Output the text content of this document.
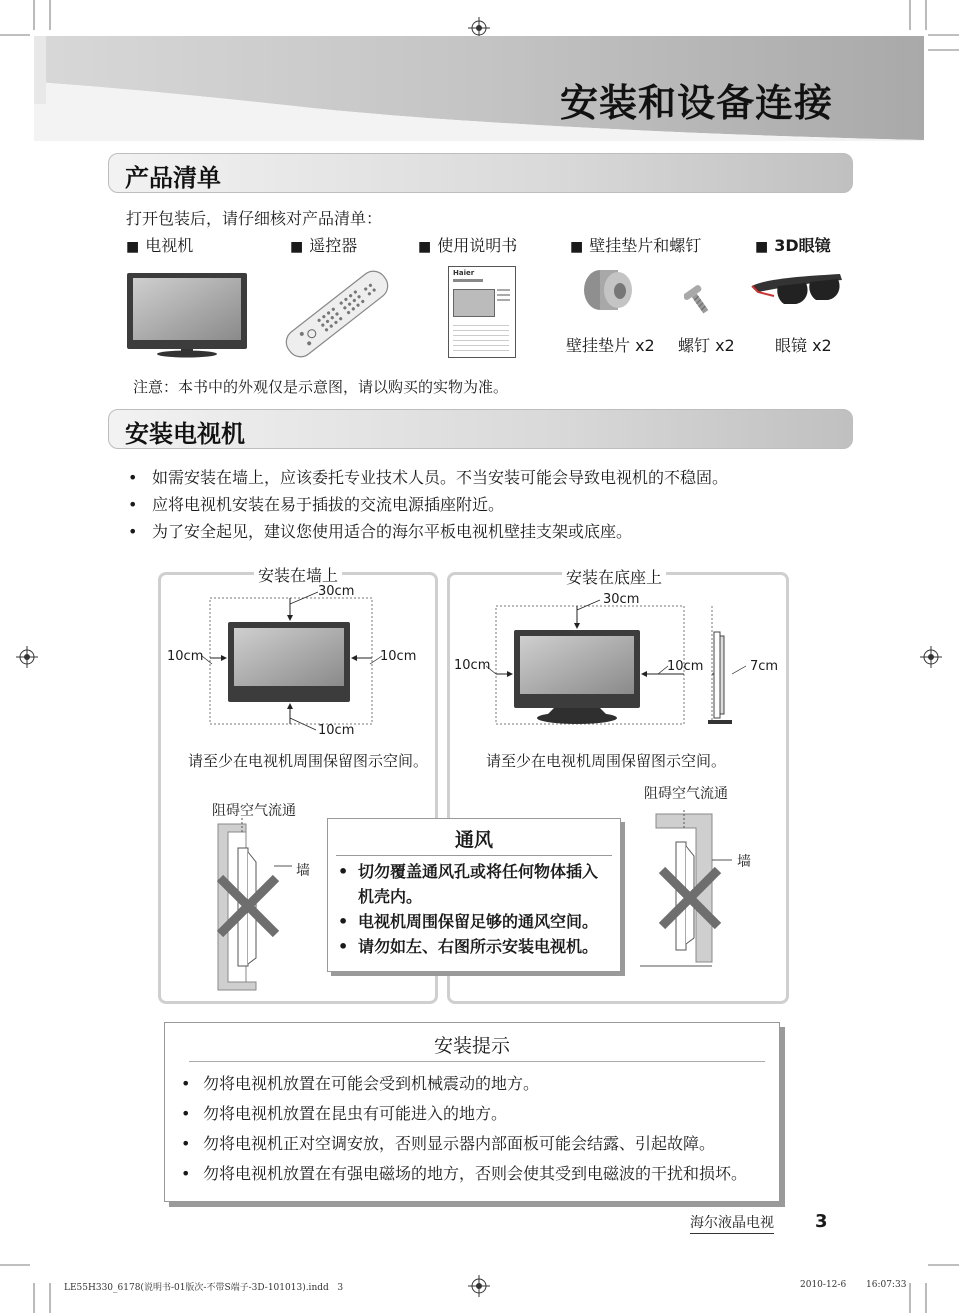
安装和设备连接
产品清单
打开包装后，请仔细核对产品清单：
■ 电视机	■ 遥控器	■ 使用说明书	■ 壁挂垫片和螺钉	■ 3D眼镜
Haier
壁挂垫片 x2 螺钉 x2	眼镜 x2
注意：本书中的外观仅是示意图，请以购买的实物为准。
安装电视机
• 如需安装在墙上，应该委托专业技术人员。不当安装可能会导致电视机的不稳固。
• 应将电视机安装在易于插拔的交流电源插座附近。
• 为了安全起见，建议您使用适合的海尔平板电视机壁挂支架或底座。
安装在墙上
30cm
10cm	10cm
10cm
请至少在电视机周围保留图示空间。
阻碍空气流通
墙
安装在底座上
30cm
10cm	10cm	7cm
请至少在电视机周围保留图示空间。
阻碍空气流通
墙
通风
• 切勿覆盖通风孔或将任何物体插入
机壳内。
• 电视机周围保留足够的通风空间。
• 请勿如左、右图所示安装电视机。
安装提示
• 勿将电视机放置在可能会受到机械震动的地方。
• 勿将电视机放置在昆虫有可能进入的地方。
• 勿将电视机正对空调安放，否则显示器内部面板可能会结露、引起故障。
• 勿将电视机放置在有强电磁场的地方，否则会使其受到电磁波的干扰和损坏。
海尔液晶电视 3
LE55H330_6178(说明书-01版次-不带S端子-3D-101013).indd   3	2010-12-6 16:07:33
